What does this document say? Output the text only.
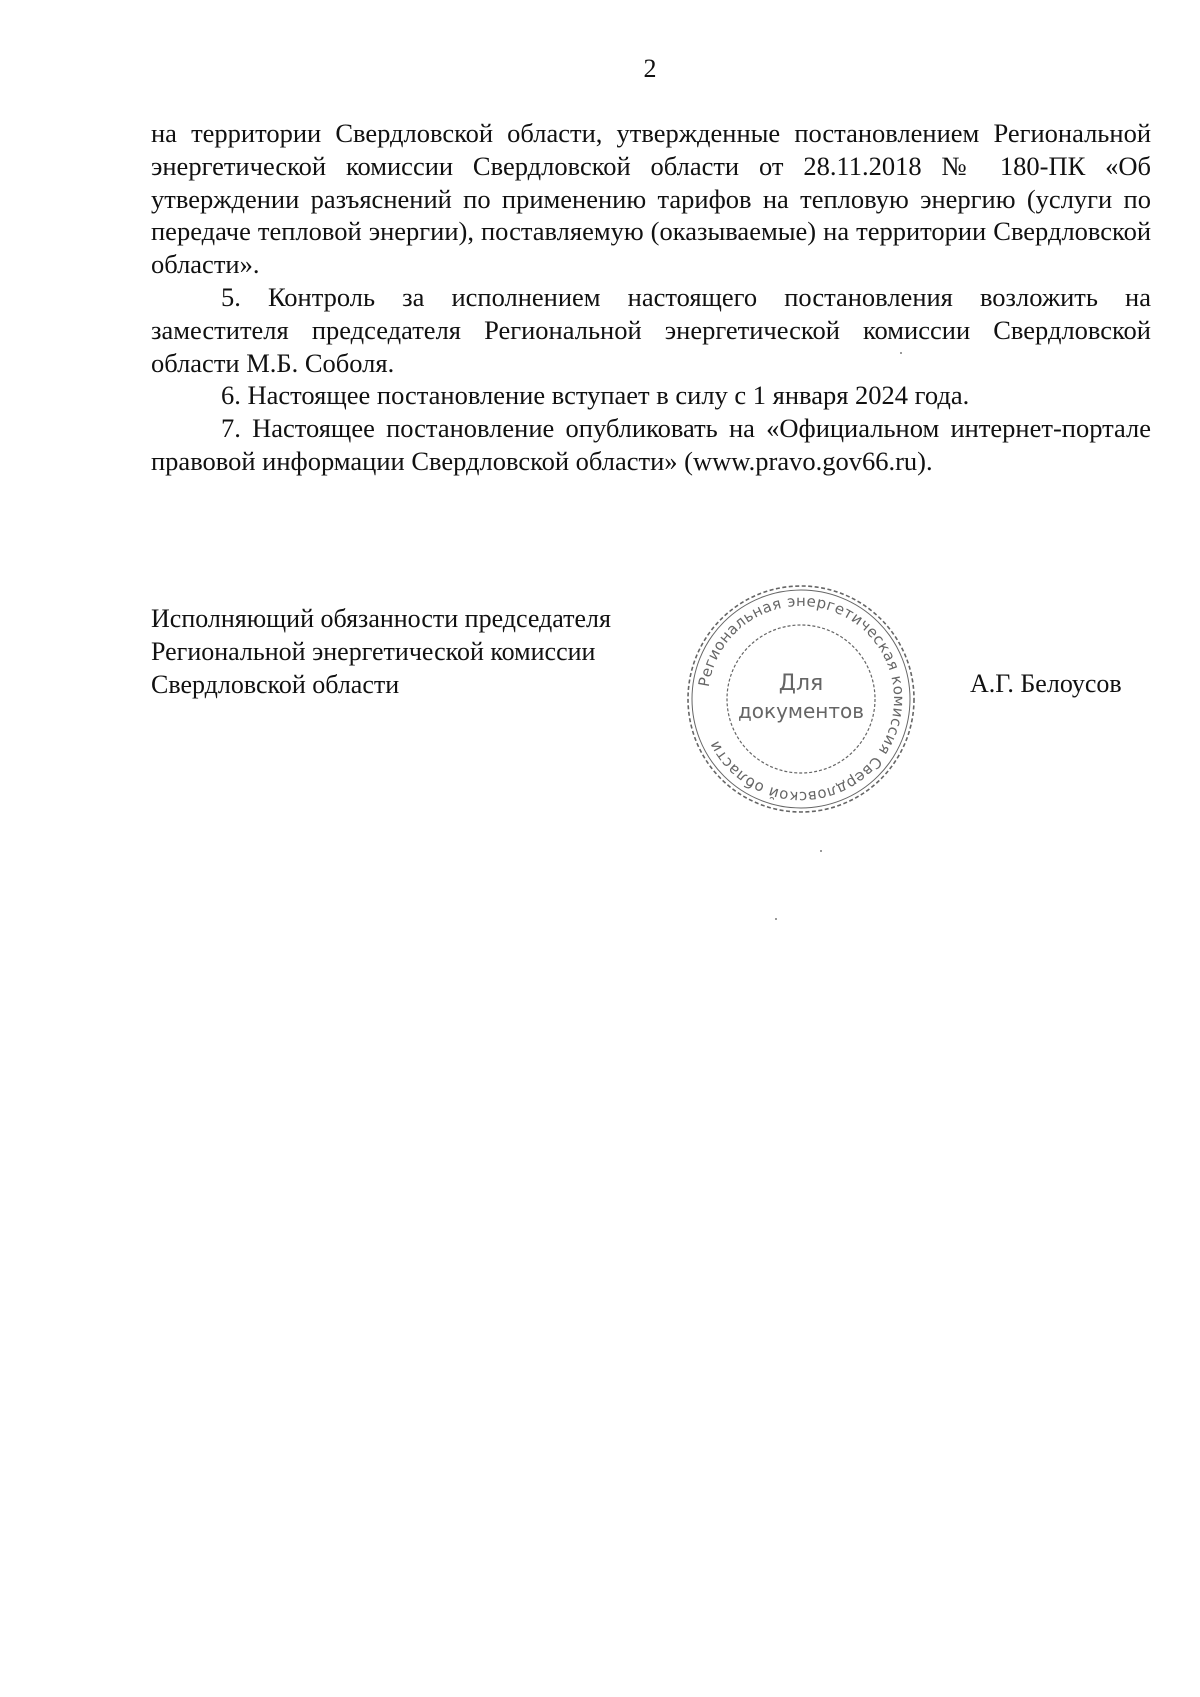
2

на территории Свердловской области, утвержденные постановлением Региональной энергетической комиссии Свердловской области от 28.11.2018 № 180-ПК «Об утверждении разъяснений по применению тарифов на тепловую энергию (услуги по передаче тепловой энергии), поставляемую (оказываемые) на территории Свердловской области».

5. Контроль за исполнением настоящего постановления возложить на заместителя председателя Региональной энергетической комиссии Свердловской области М.Б. Соболя.

6. Настоящее постановление вступает в силу с 1 января 2024 года.

7. Настоящее постановление опубликовать на «Официальном интернет-портале правовой информации Свердловской области» (www.pravo.gov66.ru).

Исполняющий обязанности председателя
Региональной энергетической комиссии
Свердловской области	Региональная энергетическая комиссия Свердловской области
Для
документов
А.Г. Белоусов
